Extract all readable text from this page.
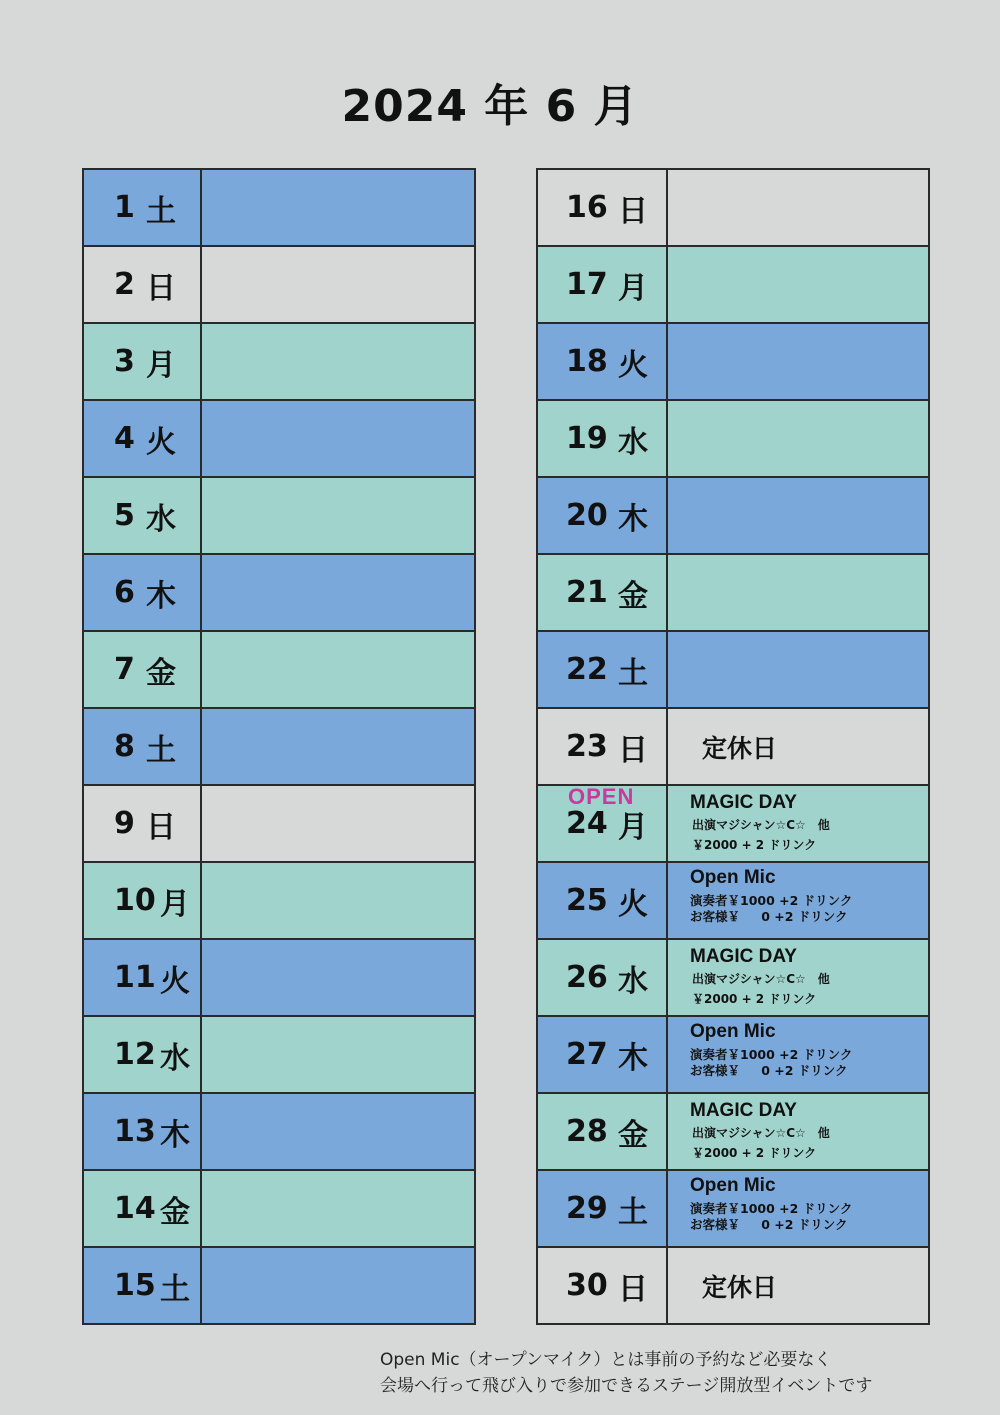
2024 年 6 月
1 土
2 日
3 月
4 火
5 水
6 木
7 金
8 土
9 日
10 月
11 火
12 水
13 木
14 金
15 土
16 日
17 月
18 火
19 水
20 木
21 金
22 土
23 日 定休日
24 月
OPEN	MAGIC DAY
出演マジシャン☆C☆　他
￥2000 + 2 ドリンク
25 火
Open Mic
演奏者￥1000 +2 ドリンク
お客様￥　  0 +2 ドリンク
26 水
MAGIC DAY
出演マジシャン☆C☆　他
￥2000 + 2 ドリンク
27 木
Open Mic
演奏者￥1000 +2 ドリンク
お客様￥　  0 +2 ドリンク
28 金
MAGIC DAY
出演マジシャン☆C☆　他
￥2000 + 2 ドリンク
29 土
Open Mic
演奏者￥1000 +2 ドリンク
お客様￥　  0 +2 ドリンク
30 日 定休日
Open Mic（オープンマイク）とは事前の予約など必要なく
会場へ行って飛び入りで参加できるステージ開放型イベントです
